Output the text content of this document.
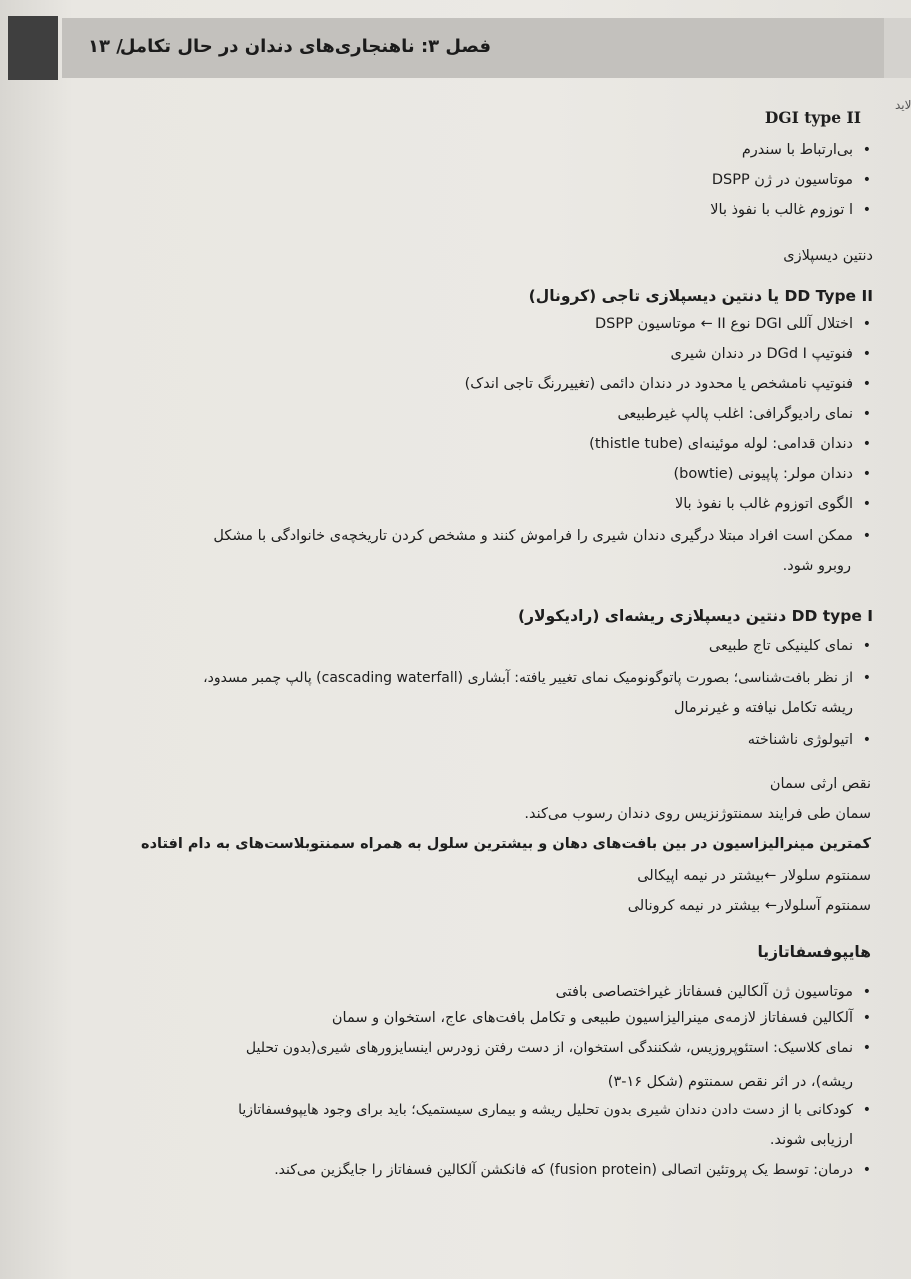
فصل ۳: ناهنجاری‌های دندان در حال تکامل
۱۳ /
لاید
DGI type II
•
بی‌ارتباط با سندرم
•
موتاسیون در ژن DSPP
•
ا توزوم غالب با نفوذ بالا
دنتین دیسپلازی
DD Type II یا دنتین دیسپلازی تاجی (کرونال)
•
اختلال آللی DGI نوع II ← موتاسیون DSPP
•
فنوتیپ DGd I در دندان شیری
•
فنوتیپ نامشخص یا محدود در دندان دائمی (تغییررنگ تاجی اندک)
•
نمای رادیوگرافی: اغلب پالپ غیرطبیعی
•
دندان قدامی: لوله موئینه‌ای (thistle tube)
•
دندان مولر: پاپیونی (bowtie)
•
الگوی اتوزوم غالب با نفوذ بالا
•
ممکن است افراد مبتلا درگیری دندان شیری را فراموش کنند و مشخص کردن تاریخچه‌ی خانوادگی با مشکل
روبرو شود.
DD type I دنتین دیسپلازی ریشه‌ای (رادیکولار)
•
نمای کلینیکی تاج طبیعی
•
از نظر بافت‌شناسی؛ بصورت پاتوگونومیک نمای تغییر یافته: آبشاری (cascading waterfall) پالپ چمبر مسدود،
ریشه تکامل نیافته و غیرنرمال
•
اتیولوژی ناشناخته
نقص ارثی سمان
سمان طی فرایند سمنتوژنزیس روی دندان رسوب می‌کند.
کمترین مینرالیزاسیون در بین بافت‌های دهان و بیشترین سلول به همراه سمنتوبلاست‌های به دام افتاده
سمنتوم سلولار ←بیشتر در نیمه اپیکالی
سمنتوم آسلولار← بیشتر در نیمه کرونالی
هایپوفسفاتازیا
•
موتاسیون ژن آلکالین فسفاتاز غیراختصاصی بافتی
•
آلکالین فسفاتاز لازمه‌ی مینرالیزاسیون طبیعی و تکامل بافت‌های عاج، استخوان و سمان
•
نمای کلاسیک: استئوپروزیس، شکنندگی استخوان، از دست رفتن زودرس اینسایزورهای شیری(بدون تحلیل
ریشه)، در اثر نقص سمنتوم (شکل ۱۶-۳)
•
کودکانی با از دست دادن دندان شیری بدون تحلیل ریشه و بیماری سیستمیک؛ باید برای وجود هایپوفسفاتازیا
ارزیابی شوند.
•
درمان: توسط یک پروتئین اتصالی (fusion protein) که فانکشن آلکالین فسفاتاز را جایگزین می‌کند.
